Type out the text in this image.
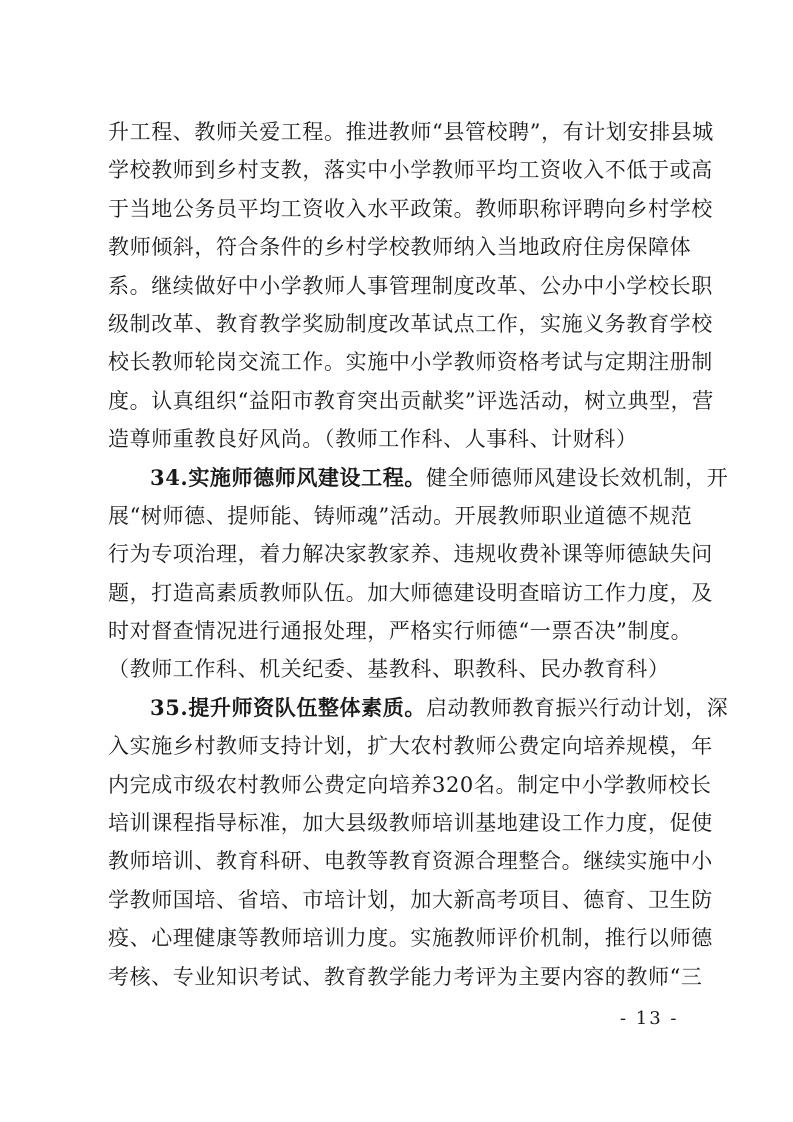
升工程、教师关爱工程。推进教师“县管校聘”，有计划安排县城
学校教师到乡村支教，落实中小学教师平均工资收入不低于或高
于当地公务员平均工资收入水平政策。教师职称评聘向乡村学校
教师倾斜，符合条件的乡村学校教师纳入当地政府住房保障体
系。继续做好中小学教师人事管理制度改革、公办中小学校长职
级制改革、教育教学奖励制度改革试点工作，实施义务教育学校
校长教师轮岗交流工作。实施中小学教师资格考试与定期注册制
度。认真组织“益阳市教育突出贡献奖”评选活动，树立典型，营
造尊师重教良好风尚。（教师工作科、人事科、计财科）
34.实施师德师风建设工程。健全师德师风建设长效机制，开
展“树师德、提师能、铸师魂”活动。开展教师职业道德不规范
行为专项治理，着力解决家教家养、违规收费补课等师德缺失问
题，打造高素质教师队伍。加大师德建设明查暗访工作力度，及
时对督查情况进行通报处理，严格实行师德“一票否决”制度。
（教师工作科、机关纪委、基教科、职教科、民办教育科）
35.提升师资队伍整体素质。启动教师教育振兴行动计划，深
入实施乡村教师支持计划，扩大农村教师公费定向培养规模，年
内完成市级农村教师公费定向培养320名。制定中小学教师校长
培训课程指导标准，加大县级教师培训基地建设工作力度，促使
教师培训、教育科研、电教等教育资源合理整合。继续实施中小
学教师国培、省培、市培计划，加大新高考项目、德育、卫生防
疫、心理健康等教师培训力度。实施教师评价机制，推行以师德
考核、专业知识考试、教育教学能力考评为主要内容的教师“三
- 13 -
